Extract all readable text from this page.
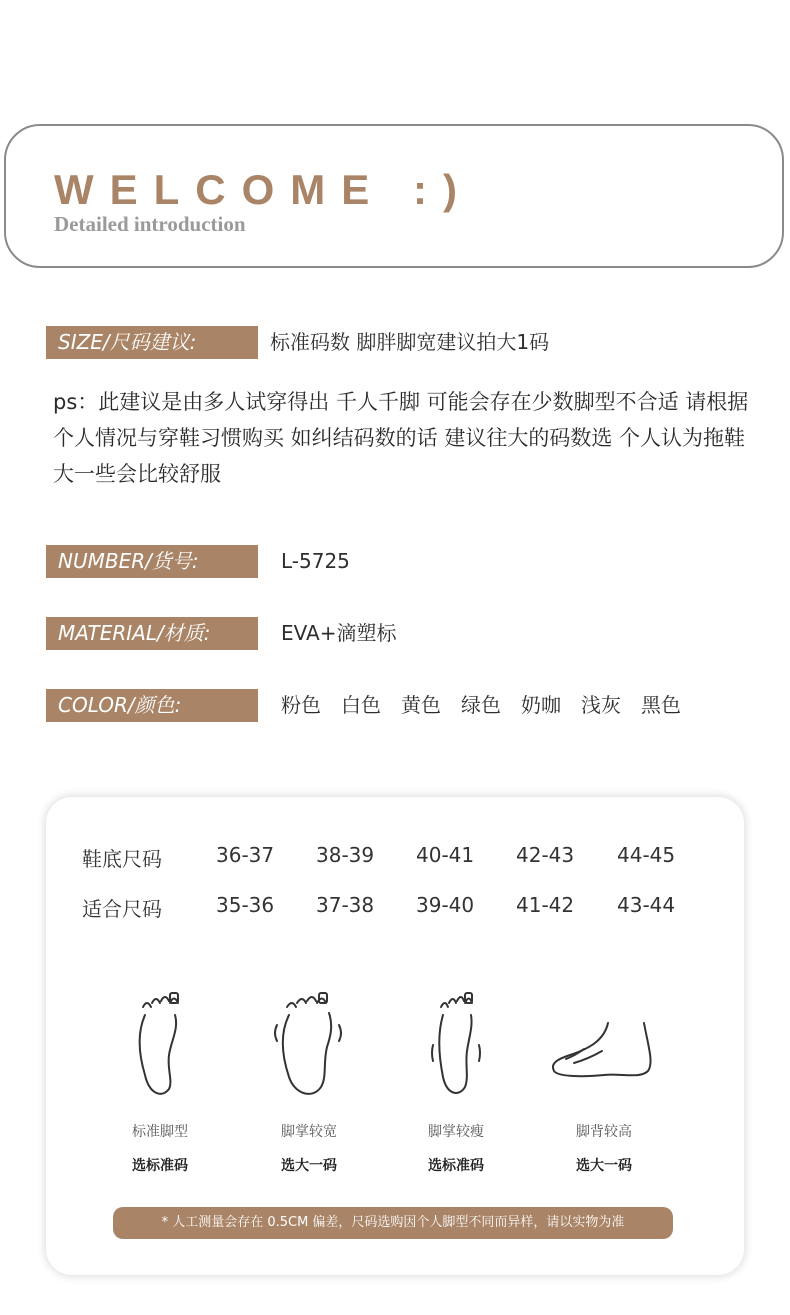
WELCOME :)
Detailed introduction
SIZE/尺码建议:	标准码数 脚胖脚宽建议拍大1码
ps：此建议是由多人试穿得出 千人千脚 可能会存在少数脚型不合适 请根据个人情况与穿鞋习惯购买 如纠结码数的话 建议往大的码数选 个人认为拖鞋大一些会比较舒服
NUMBER/货号:	L-5725
MATERIAL/材质:	EVA+滴塑标
COLOR/颜色:	粉色 白色 黄色 绿色 奶咖 浅灰 黑色
鞋底尺码	36-37	38-39	40-41	42-43	44-45
适合尺码	35-36	37-38	39-40	41-42	43-44
标准脚型
选标准码
脚掌较宽
选大一码
脚掌较瘦
选标准码
脚背较高
选大一码
* 人工测量会存在 0.5CM 偏差，尺码选购因个人脚型不同而异样，请以实物为准
